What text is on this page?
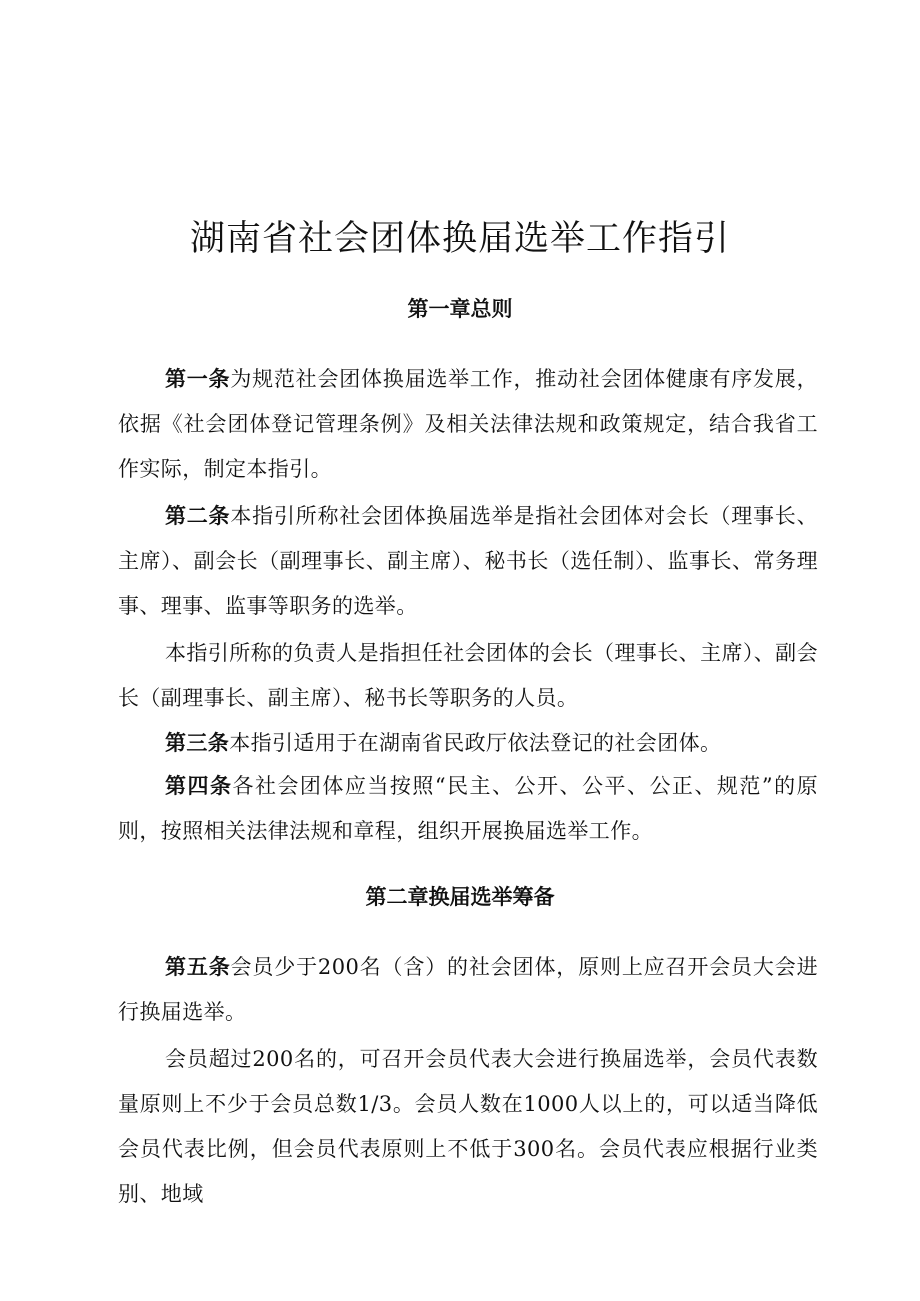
湖南省社会团体换届选举工作指引
第一章总则

第一条为规范社会团体换届选举工作，推动社会团体健康有序发展，依据《社会团体登记管理条例》及相关法律法规和政策规定，结合我省工作实际，制定本指引。

第二条本指引所称社会团体换届选举是指社会团体对会长（理事长、主席）、副会长（副理事长、副主席）、秘书长（选任制）、监事长、常务理事、理事、监事等职务的选举。

本指引所称的负责人是指担任社会团体的会长（理事长、主席）、副会长（副理事长、副主席）、秘书长等职务的人员。

第三条本指引适用于在湖南省民政厅依法登记的社会团体。

第四条各社会团体应当按照“民主、公开、公平、公正、规范”的原则，按照相关法律法规和章程，组织开展换届选举工作。

第二章换届选举筹备

第五条会员少于200名（含）的社会团体，原则上应召开会员大会进行换届选举。

会员超过200名的，可召开会员代表大会进行换届选举，会员代表数量原则上不少于会员总数1/3。会员人数在1000人以上的，可以适当降低会员代表比例，但会员代表原则上不低于300名。会员代表应根据行业类别、地域
